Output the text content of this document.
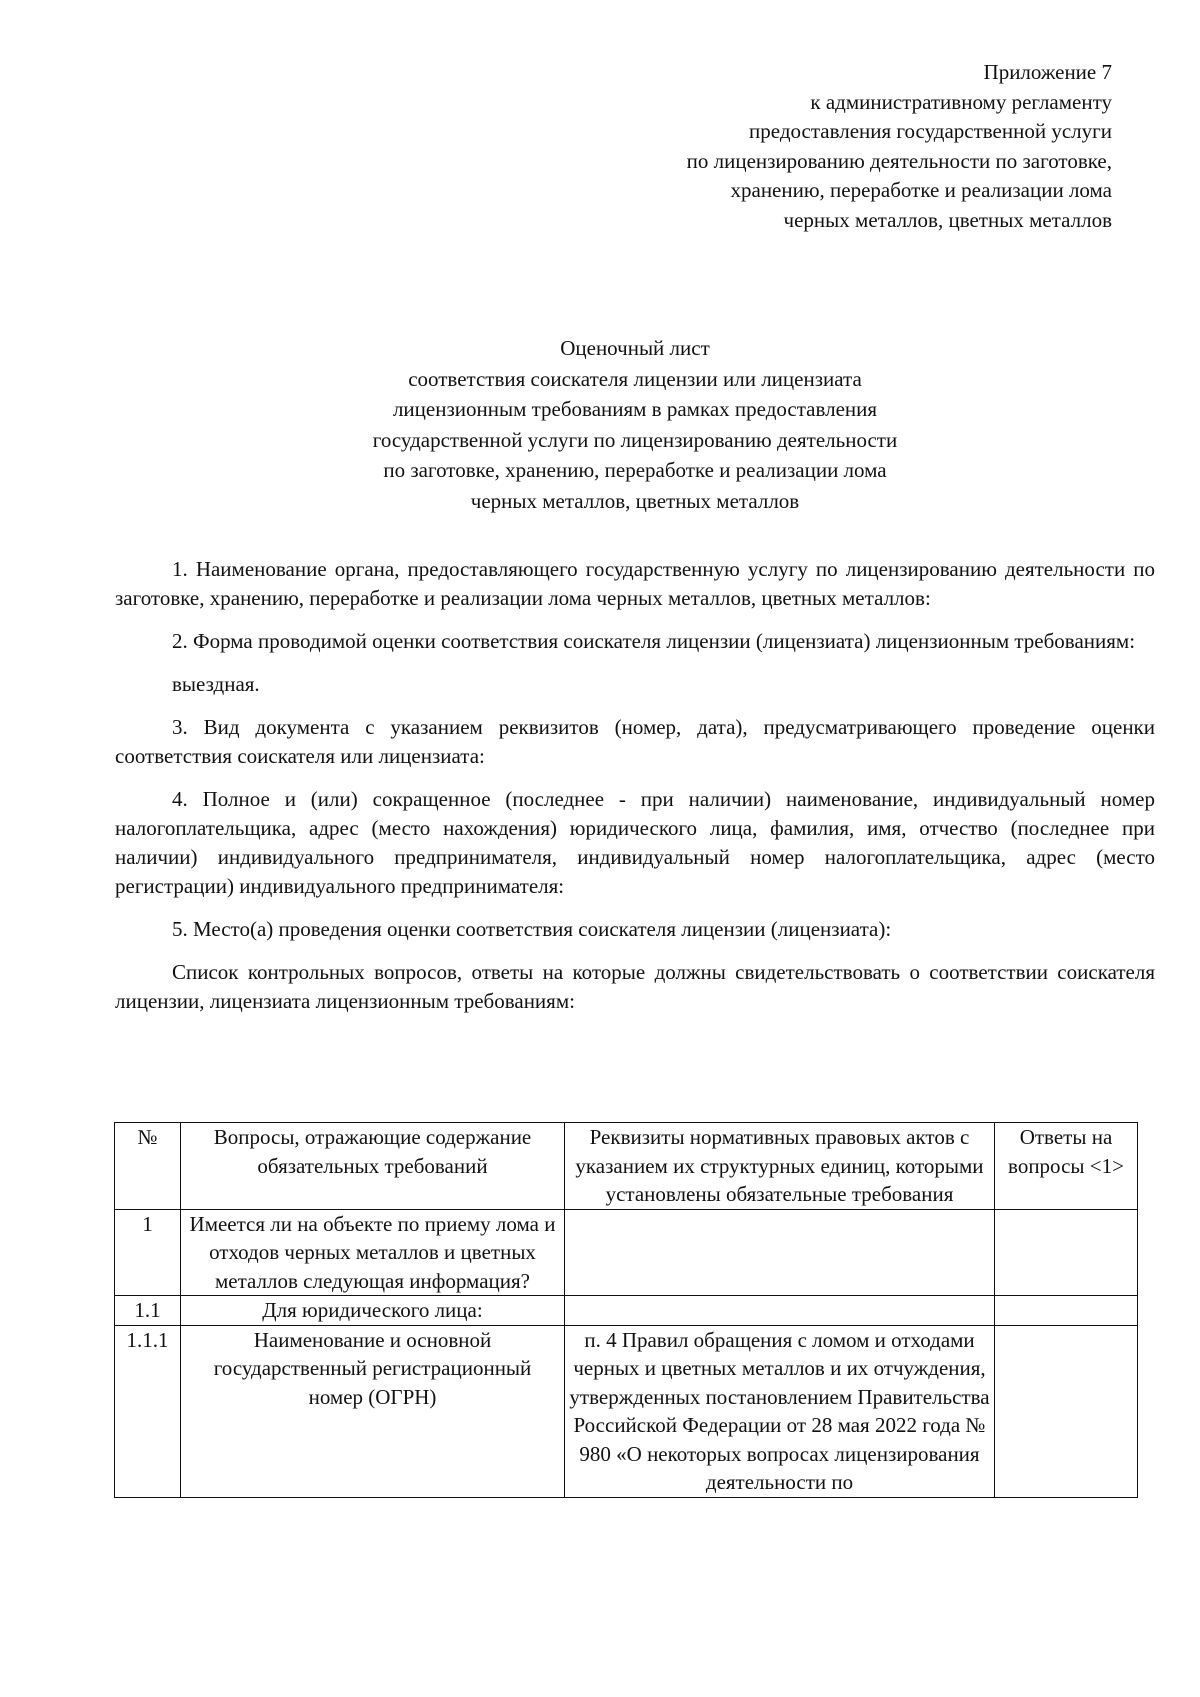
Приложение 7
к административному регламенту
предоставления государственной услуги
по лицензированию деятельности по заготовке,
хранению, переработке и реализации лома
черных металлов, цветных металлов
Оценочный лист
соответствия соискателя лицензии или лицензиата
лицензионным требованиям в рамках предоставления
государственной услуги по лицензированию деятельности
по заготовке, хранению, переработке и реализации лома
черных металлов, цветных металлов

1. Наименование органа, предоставляющего государственную услугу по лицензированию деятельности по заготовке, хранению, переработке и реализации лома черных металлов, цветных металлов:

2. Форма проводимой оценки соответствия соискателя лицензии (лицензиата) лицензионным требованиям:

выездная.

3. Вид документа с указанием реквизитов (номер, дата), предусматривающего проведение оценки соответствия соискателя или лицензиата:

4. Полное и (или) сокращенное (последнее - при наличии) наименование, индивидуальный номер налогоплательщика, адрес (место нахождения) юридического лица, фамилия, имя, отчество (последнее при наличии) индивидуального предпринимателя, индивидуальный номер налогоплательщика, адрес (место регистрации) индивидуального предпринимателя:

5. Место(а) проведения оценки соответствия соискателя лицензии (лицензиата):

Список контрольных вопросов, ответы на которые должны свидетельствовать о соответствии соискателя лицензии, лицензиата лицензионным требованиям:

№	Вопросы, отражающие содержание обязательных требований	Реквизиты нормативных правовых актов с указанием их структурных единиц, которыми установлены обязательные требования	Ответы на вопросы <1>
1	Имеется ли на объекте по приему лома и отходов черных металлов и цветных металлов следующая информация?		
1.1	Для юридического лица:		
1.1.1	Наименование и основной государственный регистрационный номер (ОГРН)	п. 4 Правил обращения с ломом и отходами черных и цветных металлов и их отчуждения, утвержденных постановлением Правительства Российской Федерации от 28 мая 2022 года № 980 «О некоторых вопросах лицензирования деятельности по	
